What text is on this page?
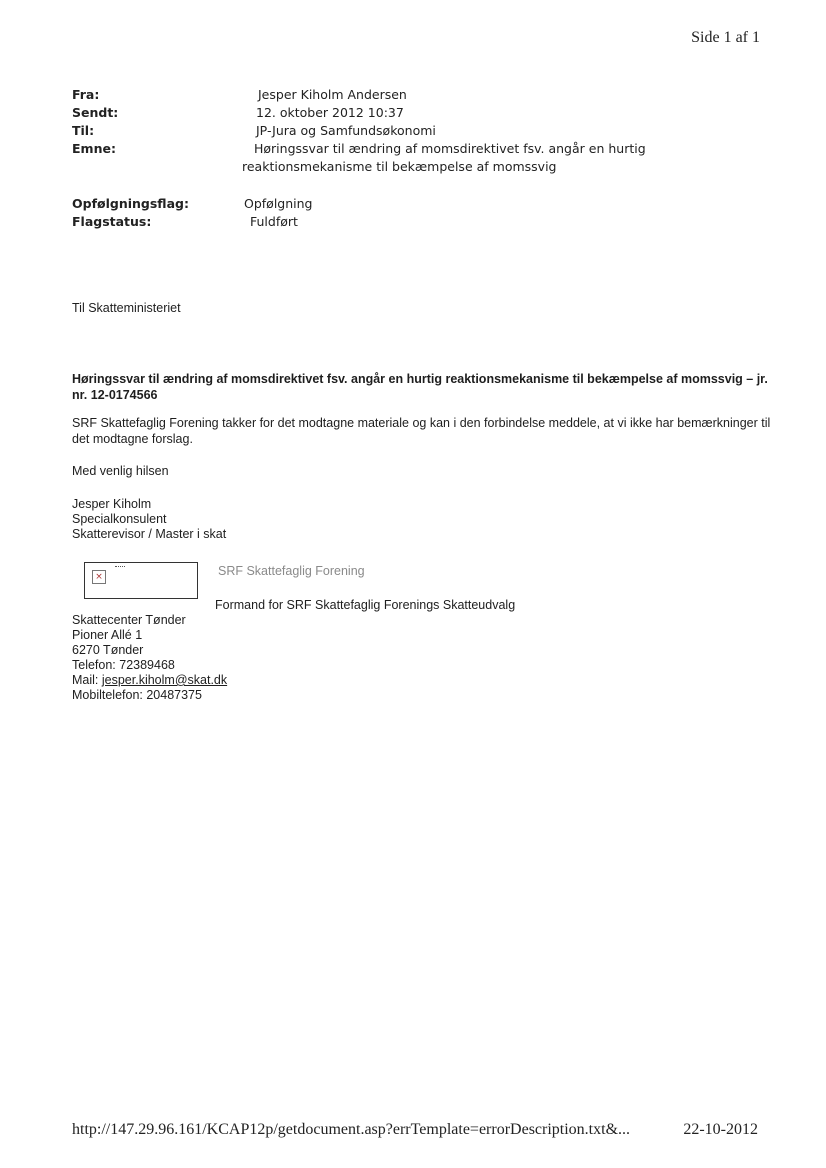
Side 1 af 1
Fra:	Jesper Kiholm Andersen
Sendt:	12. oktober 2012 10:37
Til:	JP-Jura og Samfundsøkonomi
Emne:	Høringssvar til ændring af momsdirektivet fsv. angår en hurtig
reaktionsmekanisme til bekæmpelse af momssvig
Opfølgningsflag:	Opfølgning
Flagstatus:	Fuldført
Til Skatteministeriet
Høringssvar til ændring af momsdirektivet fsv. angår en hurtig reaktionsmekanisme til bekæmpelse af momssvig – jr. nr. 12-0174566
SRF Skattefaglig Forening takker for det modtagne materiale og kan i den forbindelse meddele, at vi ikke har bemærkninger til det modtagne forslag.
Med venlig hilsen
Jesper Kiholm
Specialkonsulent
Skatterevisor / Master i skat
×	SRF Skattefaglig Forening
Formand for SRF Skattefaglig Forenings Skatteudvalg
Skattecenter Tønder
Pioner Allé 1
6270 Tønder
Telefon: 72389468
Mail: jesper.kiholm@skat.dk
Mobiltelefon: 20487375
http://147.29.96.161/KCAP12p/getdocument.asp?errTemplate=errorDescription.txt&...	22-10-2012
